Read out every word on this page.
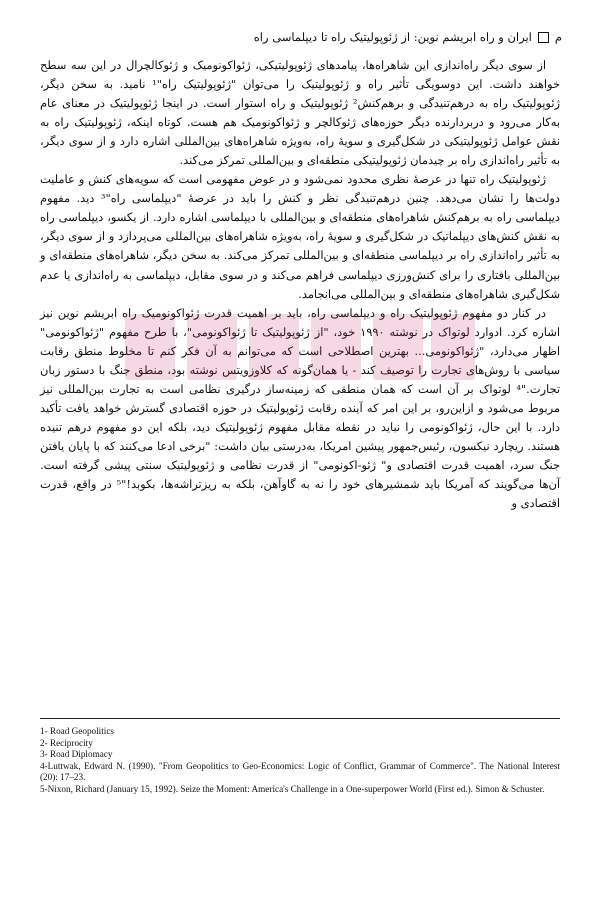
م
ایران و راه ابریشم نوین: از ژئوپولیتیک راه تا دیپلماسی راه

از سوی دیگر راه‌اندازی این شاهراه‌ها، پیامدهای ژئوپولیتیکی، ژئواکونومیک و ژئوکالچرال در این سه سطح خواهند داشت. این دوسویگی تأثیر راه و ژئوپولیتیک را می‌توان "ژئوپولیتیک راه"¹ نامید. به سخن دیگر، ژئوپولیتیک راه به درهم‌تنیدگی و برهم‌کنش² ژئوپولیتیک و راه استوار است. در اینجا ژئوپولیتیک در معنای عام به‌کار می‌رود و دربردارنده دیگر حوزه‌های ژئوکالچر و ژئواکونومیک هم هست. کوتاه اینکه، ژئوپولیتیک راه به نقش عوامل ژئوپولیتیکی در شکل‌گیری و سویهٔ راه، به‌ویژه شاهراه‌های بین‌المللی اشاره دارد و از سوی دیگر، به تأثیر راه‌اندازی راه بر چیدمان ژئوپولیتیکی منطقه‌ای و بین‌المللی تمرکز می‌کند.

ژئوپولیتیک راه تنها در عرصهٔ نظری محدود نمی‌شود و در عوض مفهومی است که سویه‌های کنش و عاملیت دولت‌ها را نشان می‌دهد. چنین درهم‌تنیدگی نظر و کنش را باید در عرصهٔ "دیپلماسی راه"³ دید. مفهوم دیپلماسی راه به برهم‌کنش شاهراه‌های منطقه‌ای و بین‌المللی با دیپلماسی اشاره دارد. از یکسو، دیپلماسی راه به نقش کنش‌های دیپلماتیک در شکل‌گیری و سویهٔ راه، به‌ویژه شاهراه‌های بین‌المللی می‌پردازد و از سوی دیگر، به تأثیر راه‌اندازی راه بر دیپلماسی منطقه‌ای و بین‌المللی تمرکز می‌کند. به سخن دیگر، شاهراه‌های منطقه‌ای و بین‌المللی بافتاری را برای کنش‌ورزی دیپلماسی فراهم می‌کند و در سوی مقابل، دیپلماسی به راه‌اندازی یا عدم شکل‌گیری شاهراه‌های منطقه‌ای و بین‌المللی می‌انجامد.

در کنار دو مفهوم ژئوپولیتیک راه و دیپلماسی راه، باید بر اهمیت قدرت ژئواکونومیک راه ابریشم نوین نیز اشاره کرد. ادوارد لوتواک در نوشته ۱۹۹۰ خود، "از ژئوپولیتیک تا ژئواکونومی"، با طرح مفهوم "ژئواکونومی" اظهار می‌دارد، "ژئواکونومی... بهترین اصطلاحی است که می‌توانم به آن فکر کنم تا مخلوط منطق رقابت سیاسی با روش‌های تجارت را توصیف کند - یا همان‌گونه که کلاوزویتس نوشته بود، منطق جنگ با دستور زبان تجارت."⁴ لوتواک بر آن است که همان منطقی که زمینه‌ساز درگیری نظامی است به تجارت بین‌المللی نیز مربوط می‌شود و ازاین‌رو، بر این امر که آینده رقابت ژئوپولیتیک در حوزه اقتصادی گسترش خواهد یافت تأکید دارد. با این حال، ژئواکونومی را نباید در نقطه مقابل مفهوم ژئوپولیتیک دید، بلکه این دو مفهوم درهم تنیده هستند. ریچارد نیکسون، رئیس‌جمهور پیشین امریکا، به‌درستی بیان داشت: "برخی ادعا می‌کنند که با پایان یافتن جنگ سرد، اهمیت قدرت اقتصادی و" ژئو-اکونومی" از قدرت نظامی و ژئوپولیتیک سنتی پیشی گرفته است. آن‌ها می‌گویند که آمریکا باید شمشیرهای خود را نه به گاوآهن، بلکه به ریزتراشه‌ها، بکوبد!"⁵ در واقع، قدرت اقتصادی و

1- Road Geopolitics
2- Reciprocity
3- Road Diplomacy
4-Luttwak, Edward N. (1990). "From Geopolitics to Geo-Economics: Logic of Conflict, Grammar of Commerce". The National Interest (20): 17–23.
5-Nixon, Richard (January 15, 1992). Seize the Moment: America's Challenge in a One-superpower World (First ed.). Simon & Schuster.
